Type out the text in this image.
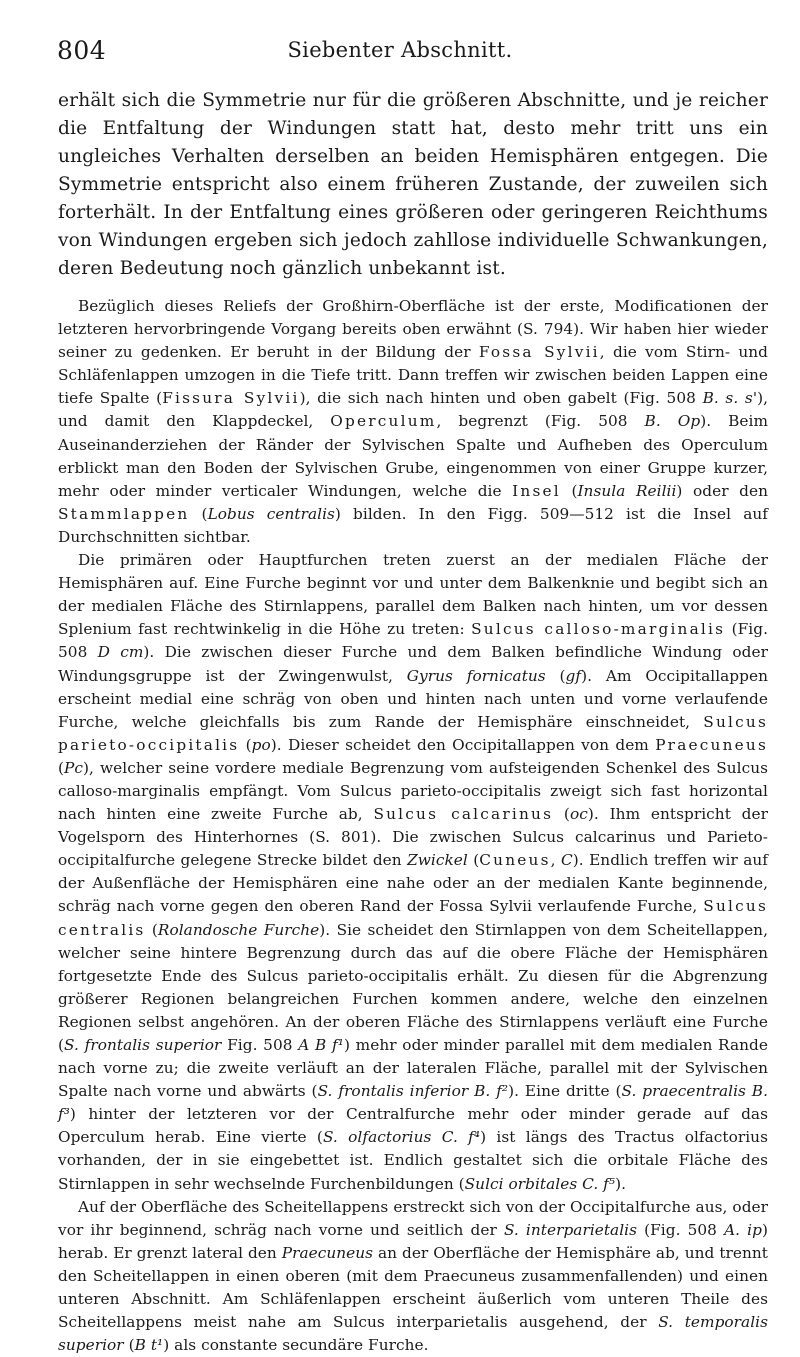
804	Siebenter Abschnitt.

erhält sich die Symmetrie nur für die größeren Abschnitte, und je reicher die Entfaltung der Windungen statt hat, desto mehr tritt uns ein ungleiches Verhalten derselben an beiden Hemisphären entgegen. Die Symmetrie entspricht also einem früheren Zustande, der zuweilen sich forterhält. In der Entfaltung eines größeren oder geringeren Reichthums von Windungen ergeben sich jedoch zahllose individuelle Schwankungen, deren Bedeutung noch gänzlich unbekannt ist.

Bezüglich dieses Reliefs der Großhirn-Oberfläche ist der erste, Modificationen der letzteren hervorbringende Vorgang bereits oben erwähnt (S. 794). Wir haben hier wieder seiner zu gedenken. Er beruht in der Bildung der Fossa Sylvii, die vom Stirn- und Schläfenlappen umzogen in die Tiefe tritt. Dann treffen wir zwischen beiden Lappen eine tiefe Spalte (Fissura Sylvii), die sich nach hinten und oben gabelt (Fig. 508 B. s. s'), und damit den Klappdeckel, Operculum, begrenzt (Fig. 508 B. Op). Beim Auseinanderziehen der Ränder der Sylvischen Spalte und Aufheben des Operculum erblickt man den Boden der Sylvischen Grube, eingenommen von einer Gruppe kurzer, mehr oder minder verticaler Windungen, welche die Insel (Insula Reilii) oder den Stammlappen (Lobus centralis) bilden. In den Figg. 509—512 ist die Insel auf Durchschnitten sichtbar.

Die primären oder Hauptfurchen treten zuerst an der medialen Fläche der Hemisphären auf. Eine Furche beginnt vor und unter dem Balkenknie und begibt sich an der medialen Fläche des Stirnlappens, parallel dem Balken nach hinten, um vor dessen Splenium fast rechtwinkelig in die Höhe zu treten: Sulcus calloso-marginalis (Fig. 508 D cm). Die zwischen dieser Furche und dem Balken befindliche Windung oder Windungsgruppe ist der Zwingenwulst, Gyrus fornicatus (gf). Am Occipitallappen erscheint medial eine schräg von oben und hinten nach unten und vorne verlaufende Furche, welche gleichfalls bis zum Rande der Hemisphäre einschneidet, Sulcus parieto-occipitalis (po). Dieser scheidet den Occipitallappen von dem Praecuneus (Pc), welcher seine vordere mediale Begrenzung vom aufsteigenden Schenkel des Sulcus calloso-marginalis empfängt. Vom Sulcus parieto-occipitalis zweigt sich fast horizontal nach hinten eine zweite Furche ab, Sulcus calcarinus (oc). Ihm entspricht der Vogelsporn des Hinterhornes (S. 801). Die zwischen Sulcus calcarinus und Parieto-occipitalfurche gelegene Strecke bildet den Zwickel (Cuneus, C). Endlich treffen wir auf der Außenfläche der Hemisphären eine nahe oder an der medialen Kante beginnende, schräg nach vorne gegen den oberen Rand der Fossa Sylvii verlaufende Furche, Sulcus centralis (Rolandosche Furche). Sie scheidet den Stirnlappen von dem Scheitellappen, welcher seine hintere Begrenzung durch das auf die obere Fläche der Hemisphären fortgesetzte Ende des Sulcus parieto-occipitalis erhält. Zu diesen für die Abgrenzung größerer Regionen belangreichen Furchen kommen andere, welche den einzelnen Regionen selbst angehören. An der oberen Fläche des Stirnlappens verläuft eine Furche (S. frontalis superior Fig. 508 A B f¹) mehr oder minder parallel mit dem medialen Rande nach vorne zu; die zweite verläuft an der lateralen Fläche, parallel mit der Sylvischen Spalte nach vorne und abwärts (S. frontalis inferior B. f²). Eine dritte (S. praecentralis B. f³) hinter der letzteren vor der Centralfurche mehr oder minder gerade auf das Operculum herab. Eine vierte (S. olfactorius C. f⁴) ist längs des Tractus olfactorius vorhanden, der in sie eingebettet ist. Endlich gestaltet sich die orbitale Fläche des Stirnlappen in sehr wechselnde Furchenbildungen (Sulci orbitales C. f⁵).

Auf der Oberfläche des Scheitellappens erstreckt sich von der Occipitalfurche aus, oder vor ihr beginnend, schräg nach vorne und seitlich der S. interparietalis (Fig. 508 A. ip) herab. Er grenzt lateral den Praecuneus an der Oberfläche der Hemisphäre ab, und trennt den Scheitellappen in einen oberen (mit dem Praecuneus zusammenfallenden) und einen unteren Abschnitt. Am Schläfenlappen erscheint äußerlich vom unteren Theile des Scheitellappens meist nahe am Sulcus interparietalis ausgehend, der S. temporalis superior (B t¹) als constante secundäre Furche.
